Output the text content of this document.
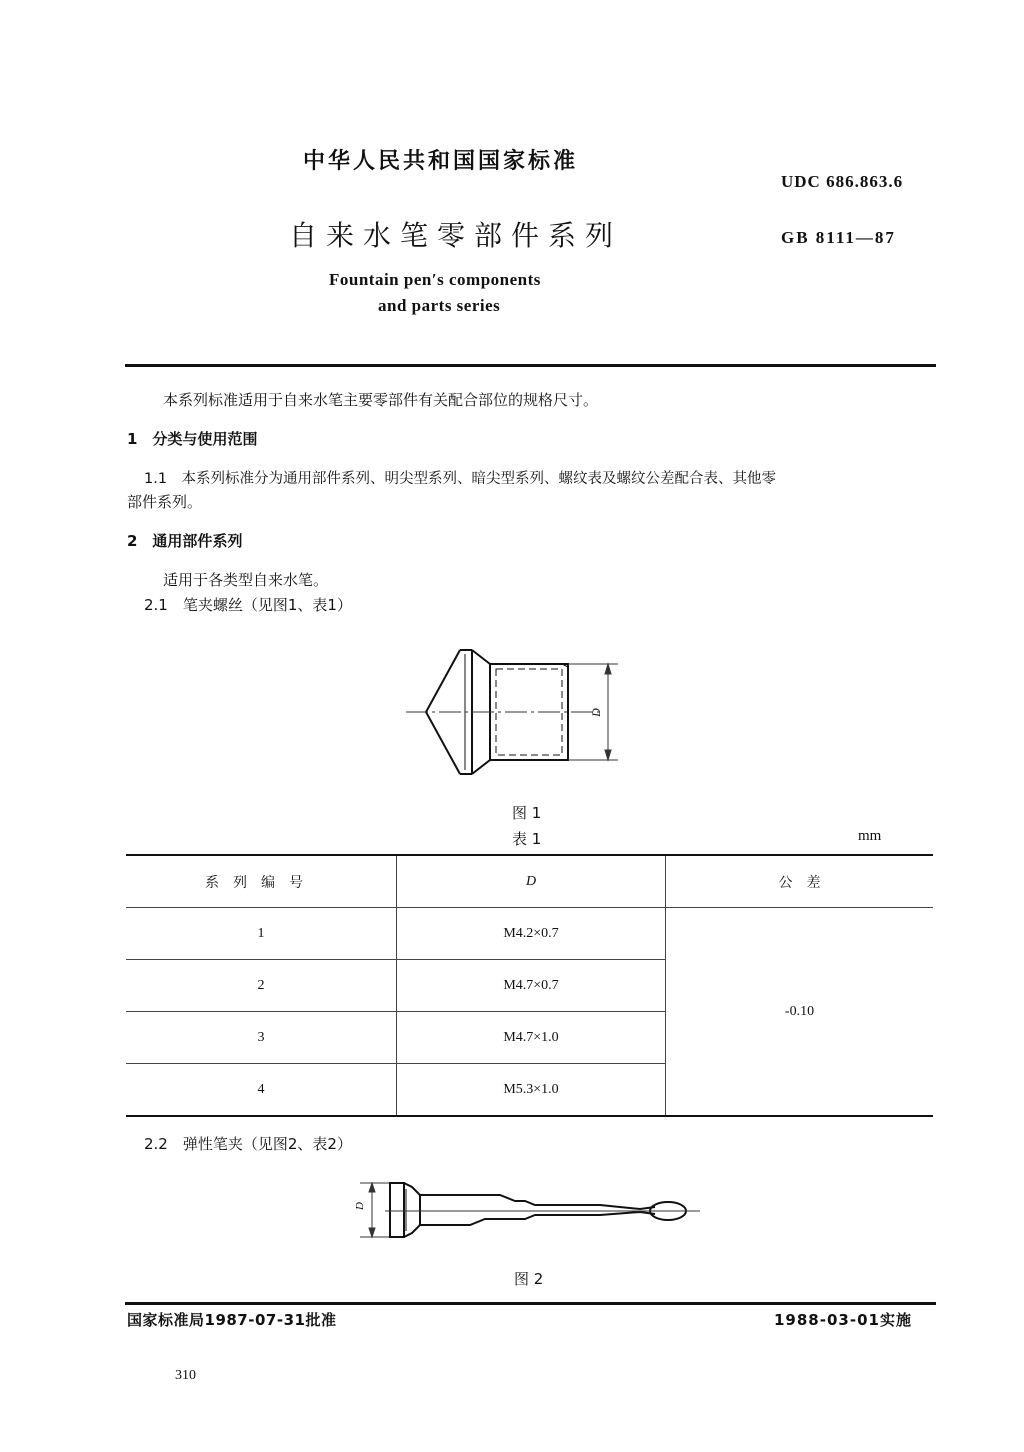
中华人民共和国国家标准
UDC 686.863.6
自来水笔零部件系列	GB 8111—87
Fountain pen′s components
and parts series
本系列标准适用于自来水笔主要零部件有关配合部位的规格尺寸。
1　分类与使用范围
1.1　本系列标准分为通用部件系列、明尖型系列、暗尖型系列、螺纹表及螺纹公差配合表、其他零
部件系列。
2　通用部件系列
适用于各类型自来水笔。
2.1　笔夹螺丝（见图1、表1）
D
图 1
表 1	mm
系列编号	D	公　差
1	M4.2×0.7	-0.10
2	M4.7×0.7	
3	M4.7×1.0	
4	M5.3×1.0	
2.2　弹性笔夹（见图2、表2）
D
图 2
国家标准局1987-07-31批准	1988-03-01实施
310
